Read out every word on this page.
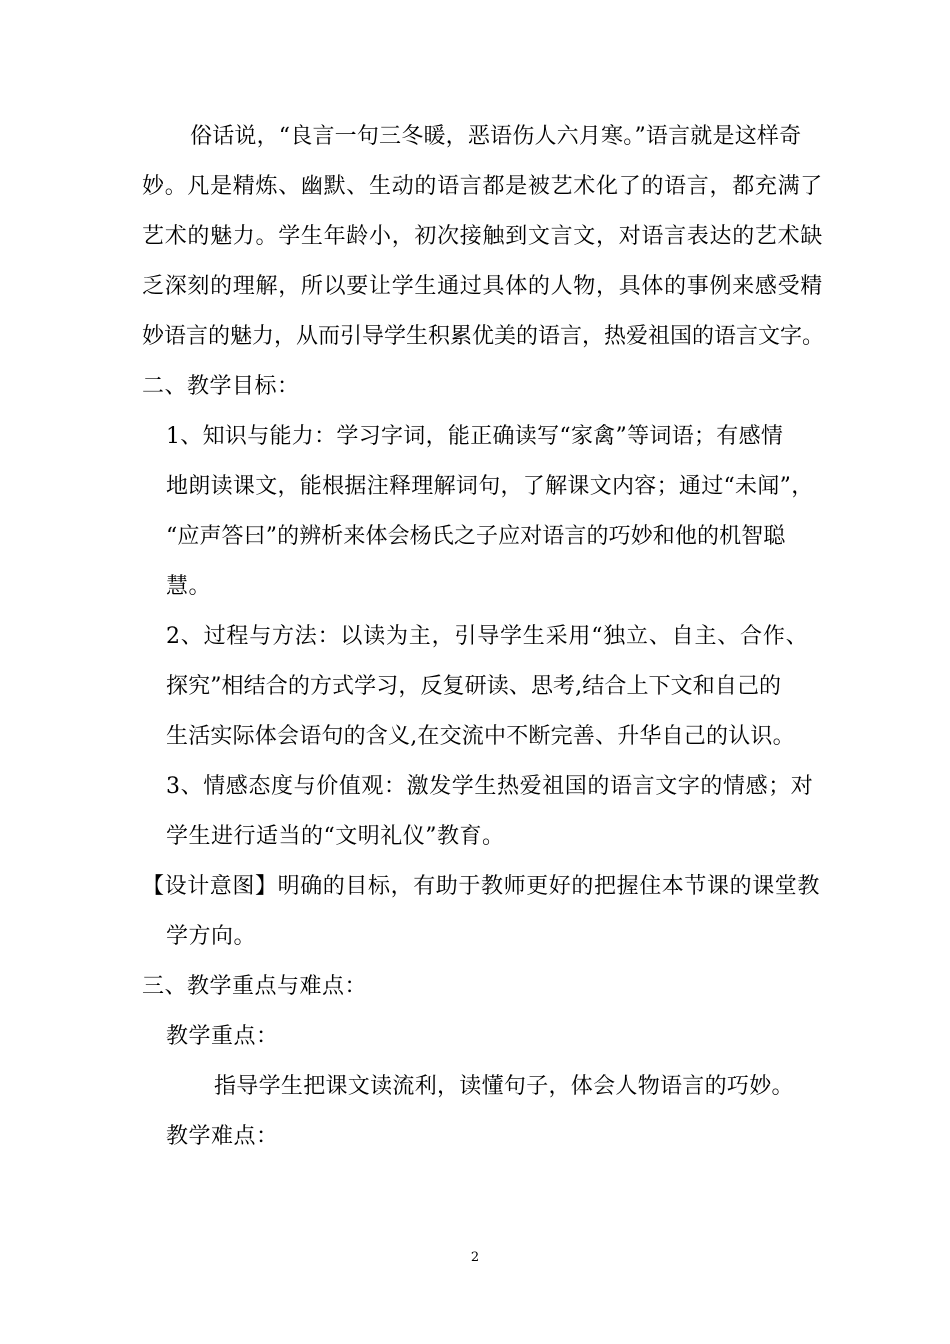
俗话说，“良言一句三冬暖，恶语伤人六月寒。”语言就是这样奇
妙。凡是精炼、幽默、生动的语言都是被艺术化了的语言，都充满了
艺术的魅力。学生年龄小，初次接触到文言文，对语言表达的艺术缺
乏深刻的理解，所以要让学生通过具体的人物，具体的事例来感受精
妙语言的魅力，从而引导学生积累优美的语言，热爱祖国的语言文字。
二、教学目标：
1、知识与能力：学习字词，能正确读写“家禽”等词语；有感情
地朗读课文，能根据注释理解词句，了解课文内容；通过“未闻”，
“应声答曰”的辨析来体会杨氏之子应对语言的巧妙和他的机智聪
慧。
2、过程与方法：以读为主，引导学生采用“独立、自主、合作、
探究”相结合的方式学习，反复研读、思考,结合上下文和自己的
生活实际体会语句的含义,在交流中不断完善、升华自己的认识。
3、情感态度与价值观：激发学生热爱祖国的语言文字的情感；对
学生进行适当的“文明礼仪”教育。
【设计意图】明确的目标，有助于教师更好的把握住本节课的课堂教
学方向。
三、教学重点与难点：
教学重点：
指导学生把课文读流利，读懂句子，体会人物语言的巧妙。
教学难点：
2
